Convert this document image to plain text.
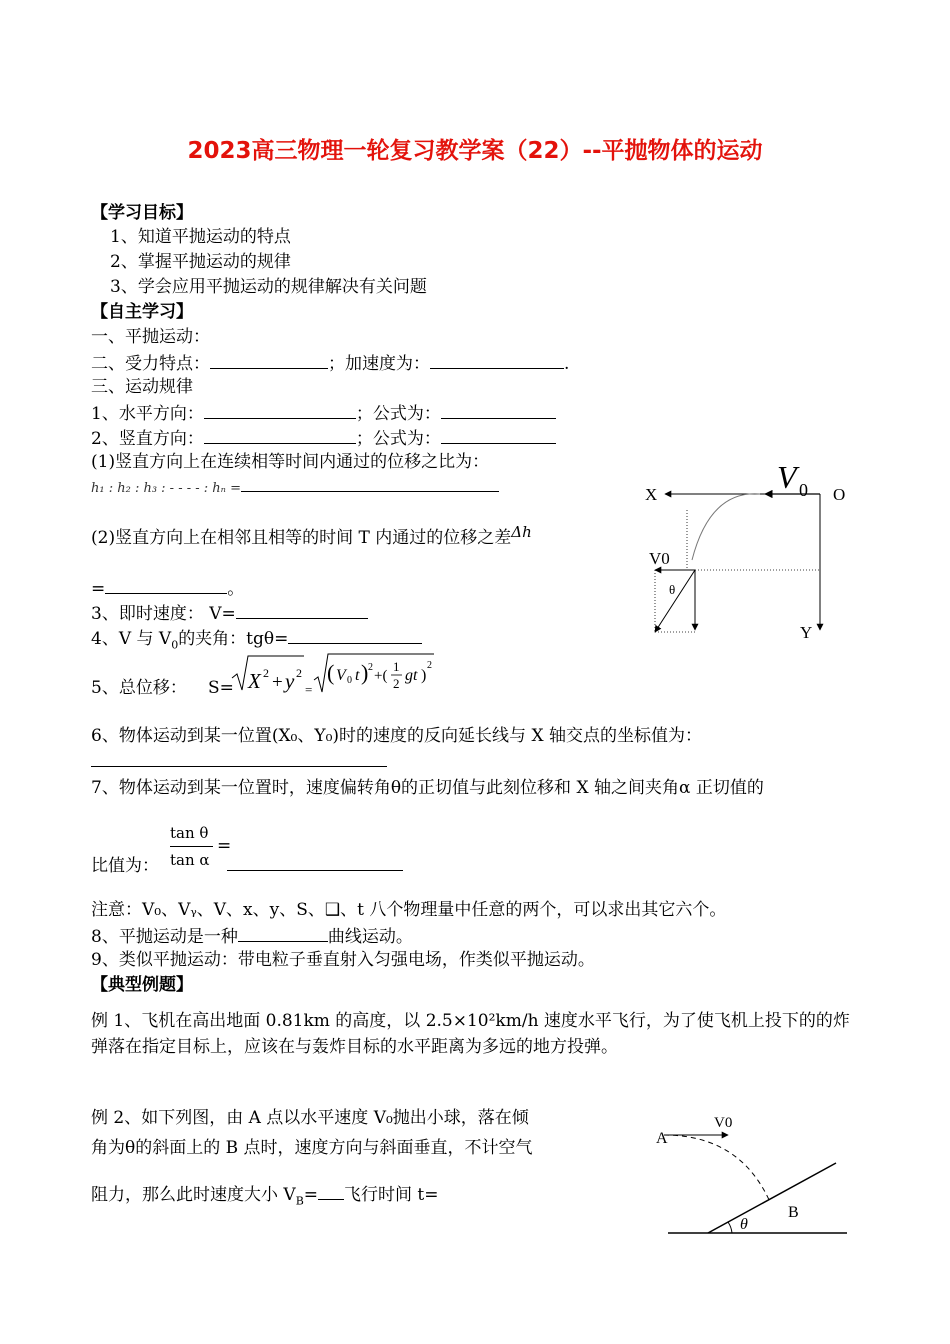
2023高三物理一轮复习教学案（22）--平抛物体的运动
【学习目标】
1、知道平抛运动的特点
2、掌握平抛运动的规律
3、学会应用平抛运动的规律解决有关问题
【自主学习】
一、平抛运动：
二、受力特点：	；加速度为：	.
三、运动规律
1、水平方向：	；公式为：
2、竖直方向：	；公式为：
(1)竖直方向上在连续相等时间内通过的位移之比为：
h₁ : h₂ : h₃ : - - - - : hₙ =
(2)竖直方向上在相邻且相等的时间 T 内通过的位移之差Δh
=	。
3、即时速度： V=
4、V 与 $V_0$的夹角：tgθ=
5、总位移： S= X 2 + y 2
=
( V 0 t ) 2
+(
1
2 gt )
2
6、物体运动到某一位置(X₀、Y₀)时的速度的反向延长线与 X 轴交点的坐标值为：
7、物体运动到某一位置时，速度偏转角θ的正切值与此刻位移和 X 轴之间夹角α 正切值的
tan θ
tan α
=
比值为：
注意：V₀、Vᵧ、V、x、y、S、❑、t 八个物理量中任意的两个，可以求出其它六个。
8、平抛运动是一种	曲线运动。
9、类似平抛运动：带电粒子垂直射入匀强电场，作类似平抛运动。
【典型例题】
例 1、飞机在高出地面 0.81km 的高度，以 2.5×10²km/h 速度水平飞行，为了使飞机上投下的的炸弹落在指定目标上，应该在与轰炸目标的水平距离为多远的地方投弹。
例 2、如下列图，由 A 点以水平速度 V₀抛出小球，落在倾
角为θ的斜面上的 B 点时，速度方向与斜面垂直，不计空气
阻力，那么此时速度大小 $V_B=$ 飞行时间 t=
V 0
X	O
V0
θ
Y
A
V0
B
θ
